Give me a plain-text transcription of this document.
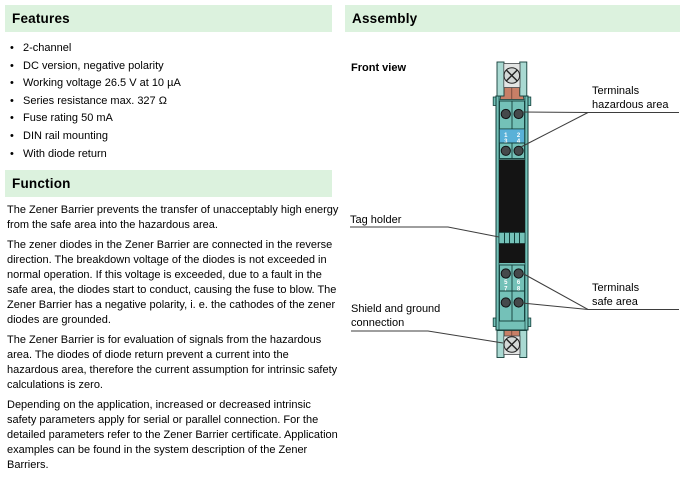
Features
• 2-channel
• DC version, negative polarity
• Working voltage 26.5 V at 10 µA
• Series resistance max. 327 Ω
• Fuse rating 50 mA
• DIN rail mounting
• With diode return
Function

The Zener Barrier prevents the transfer of unacceptably high energy from the safe area into the hazardous area.

The zener diodes in the Zener Barrier are connected in the reverse direction. The breakdown voltage of the diodes is not exceeded in normal operation. If this voltage is exceeded, due to a fault in the safe area, the diodes start to conduct, causing the fuse to blow. The Zener Barrier has a negative polarity, i. e. the cathodes of the zener diodes are grounded.

The Zener Barrier is for evaluation of signals from the hazardous area. The diodes of diode return prevent a current into the hazardous area, therefore the current assumption for intrinsic safety calculations is zero.

Depending on the application, increased or decreased intrinsic safety parameters apply for serial or parallel connection. For the detailed parameters refer to the Zener Barrier certificate. Application examples can be found in the system description of the Zener Barriers.

Assembly
Front view
1 2
3 4
5 6
7 8
Terminals
hazardous area
Tag holder
Terminals
safe area
Shield and ground
connection
